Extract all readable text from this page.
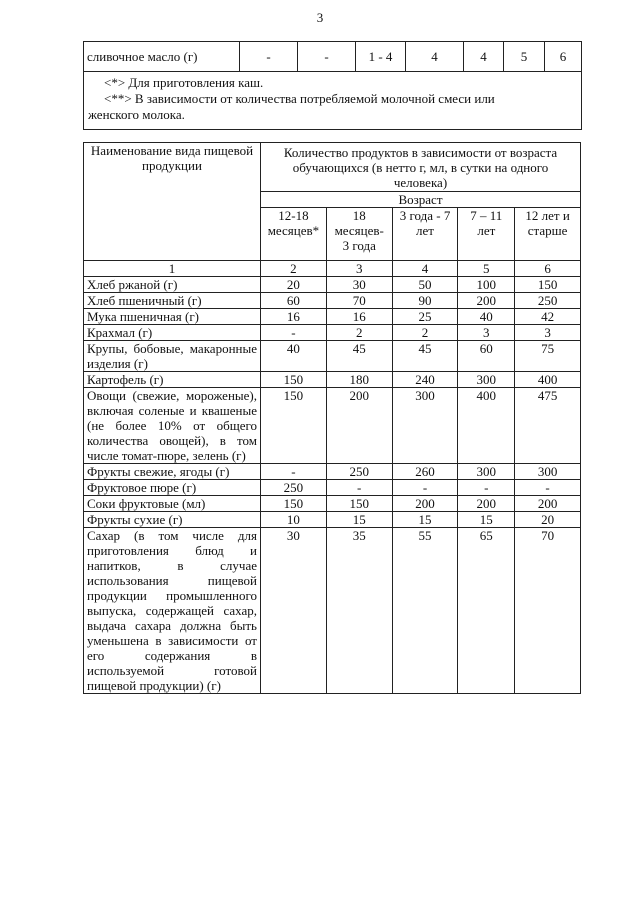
3
сливочное масло (г)	-	-	1 - 4	4	4	5	6

<*> Для приготовления каш.
<**> В зависимости от количества потребляемой молочной смеси или
женского молока.
Наименование вида пищевой продукции	Количество продуктов в зависимости от возраста обучающихся (в нетто г, мл, в сутки на одного человека)				
	Возраст				
	12-18 месяцев*	18 месяцев- 3 года	3 года - 7 лет	7 – 11 лет	12 лет и старше
1	2	3	4	5	6
Хлеб ржаной (г)	20	30	50	100	150
Хлеб пшеничный (г)	60	70	90	200	250
Мука пшеничная (г)	16	16	25	40	42
Крахмал (г)	-	2	2	3	3
Крупы, бобовые, макаронные изделия (г)	40	45	45	60	75
Картофель (г)	150	180	240	300	400
Овощи (свежие, мороженые), включая соленые и квашеные (не более 10% от общего количества овощей), в том числе томат-пюре, зелень (г)	150	200	300	400	475
Фрукты свежие, ягоды (г)	-	250	260	300	300
Фруктовое пюре (г)	250	-	-	-	-
Соки фруктовые (мл)	150	150	200	200	200
Фрукты сухие (г)	10	15	15	15	20
Сахар (в том числе для приготовления блюд и напитков, в случае использования пищевой продукции промышленного выпуска, содержащей сахар, выдача сахара должна быть уменьшена в зависимости от его содержания в используемой готовой пищевой продукции) (г)	30	35	55	65	70
